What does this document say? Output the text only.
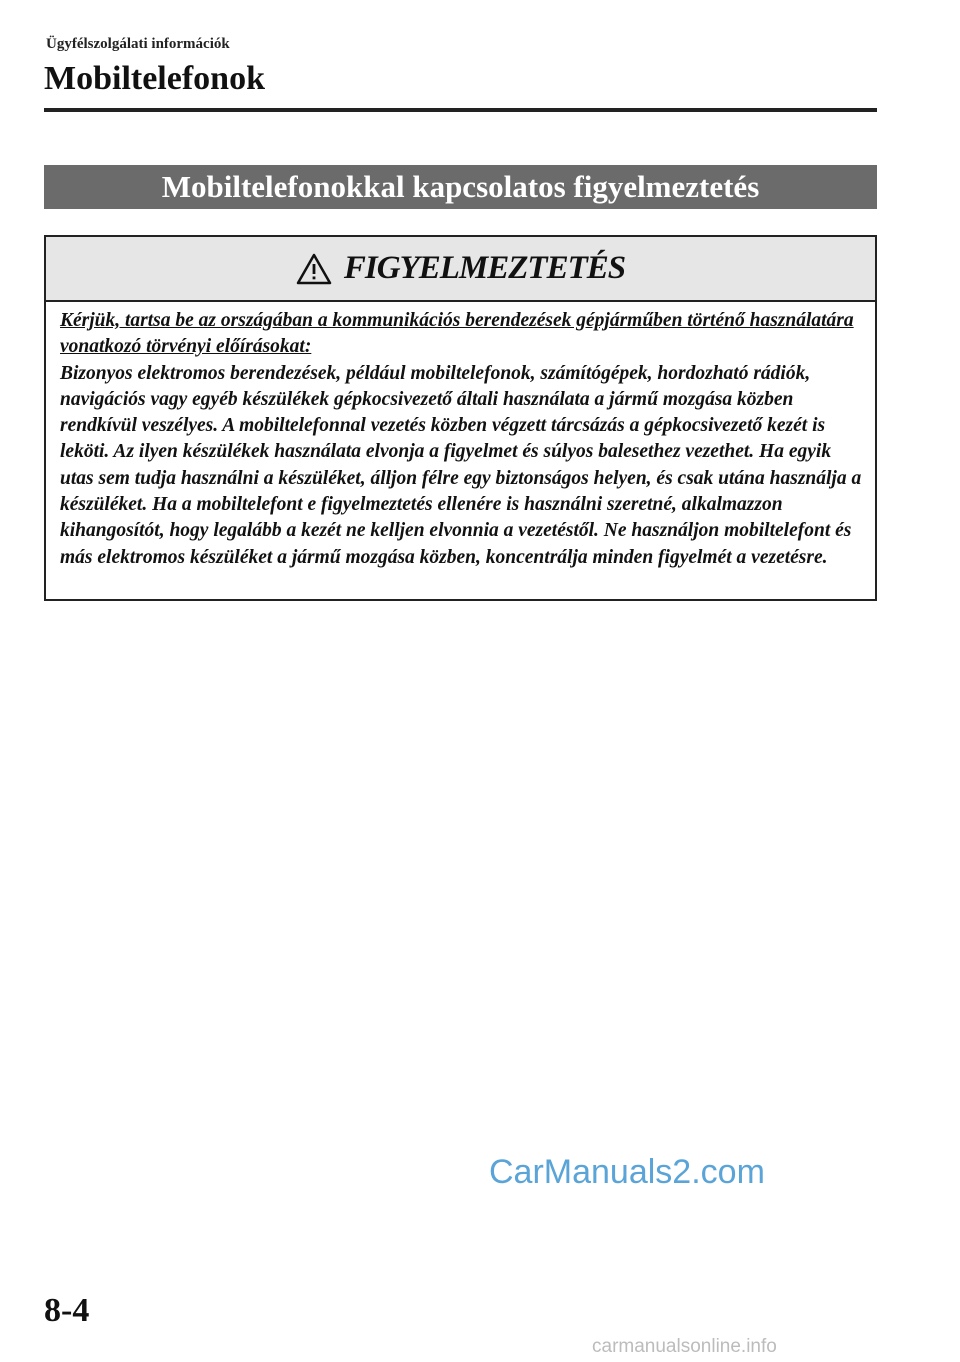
Ügyfélszolgálati információk
Mobiltelefonok
Mobiltelefonokkal kapcsolatos figyelmeztetés
FIGYELMEZTETÉS

Kérjük, tartsa be az országában a kommunikációs berendezések gépjárműben történő használatára vonatkozó törvényi előírásokat:

Bizonyos elektromos berendezések, például mobiltelefonok, számítógépek, hordozható rádiók, navigációs vagy egyéb készülékek gépkocsivezető általi használata a jármű mozgása közben rendkívül veszélyes. A mobiltelefonnal vezetés közben végzett tárcsázás a gépkocsivezető kezét is leköti. Az ilyen készülékek használata elvonja a figyelmet és súlyos balesethez vezethet. Ha egyik utas sem tudja használni a készüléket, álljon félre egy biztonságos helyen, és csak utána használja a készüléket. Ha a mobiltelefont e figyelmeztetés ellenére is használni szeretné, alkalmazzon kihangosítót, hogy legalább a kezét ne kelljen elvonnia a vezetéstől. Ne használjon mobiltelefont és más elektromos készüléket a jármű mozgása közben, koncentrálja minden figyelmét a vezetésre.

CarManuals2.com
8-4
carmanualsonline.info
